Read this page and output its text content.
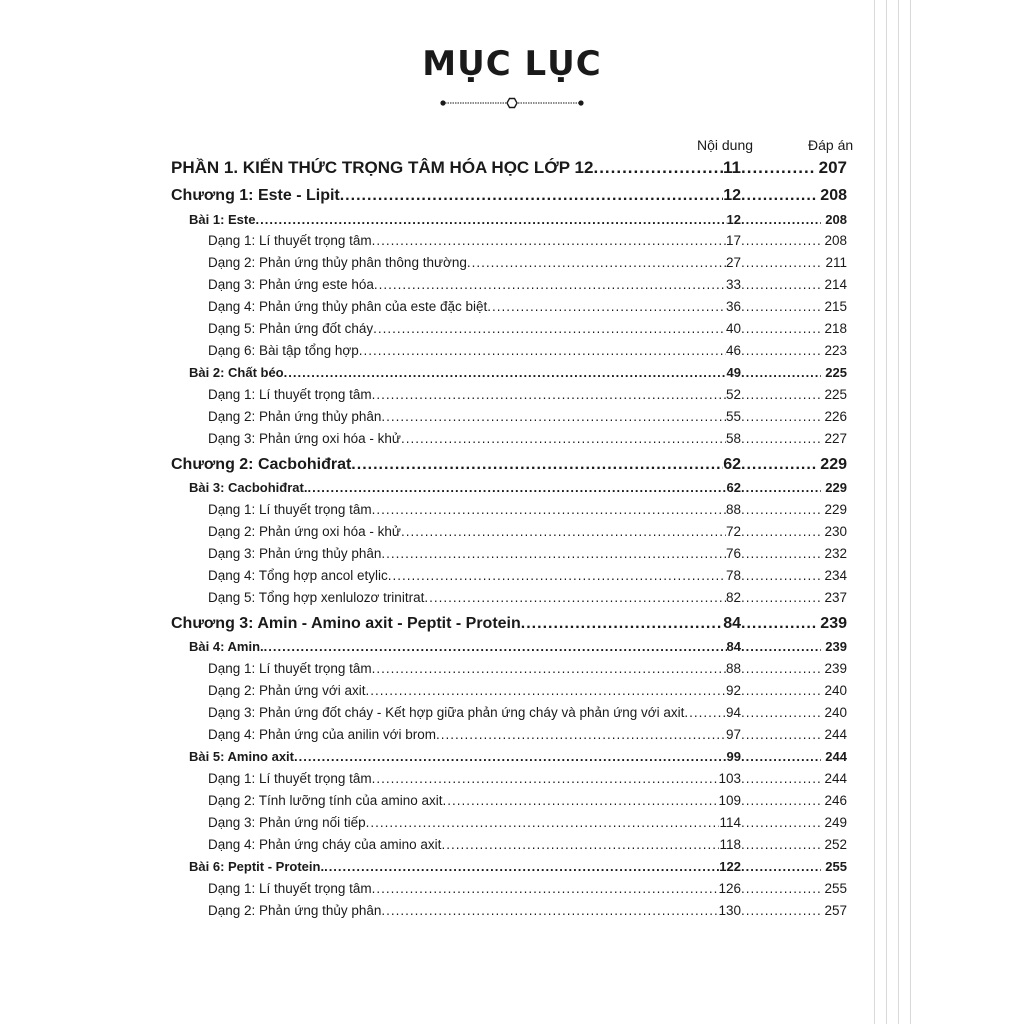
MỤC LỤC
Nội dung	Đáp án
PHẦN 1. KIẾN THỨC TRỌNG TÂM HÓA HỌC LỚP 12 .....	11 .....	207
Chương 1: Este - Lipit .....	12 .....	208
Bài 1: Este .....	12 .....	208
Dạng 1: Lí thuyết trọng tâm .....	17 .....	208
Dạng 2: Phản ứng thủy phân thông thường .....	27 .....	211
Dạng 3: Phản ứng este hóa .....	33 .....	214
Dạng 4: Phản ứng thủy phân của este đặc biệt .....	36 .....	215
Dạng 5: Phản ứng đốt cháy .....	40 .....	218
Dạng 6: Bài tập tổng hợp .....	46 .....	223
Bài 2: Chất béo .....	49 .....	225
Dạng 1: Lí thuyết trọng tâm .....	52 .....	225
Dạng 2: Phản ứng thủy phân .....	55 .....	226
Dạng 3: Phản ứng oxi hóa - khử .....	58 .....	227
Chương 2: Cacbohiđrat .....	62 .....	229
Bài 3: Cacbohiđrat. .....	62 .....	229
Dạng 1: Lí thuyết trọng tâm .....	88 .....	229
Dạng 2: Phản ứng oxi hóa - khử .....	72 .....	230
Dạng 3: Phản ứng thủy phân .....	76 .....	232
Dạng 4: Tổng hợp ancol etylic .....	78 .....	234
Dạng 5: Tổng hợp xenlulozơ trinitrat .....	82 .....	237
Chương 3: Amin - Amino axit - Peptit - Protein .....	84 .....	239
Bài 4: Amin. .....	84 .....	239
Dạng 1: Lí thuyết trọng tâm .....	88 .....	239
Dạng 2: Phản ứng với axit .....	92 .....	240
Dạng 3: Phản ứng đốt cháy - Kết hợp giữa phản ứng cháy và phản ứng với axit .....	94 .....	240
Dạng 4: Phản ứng của anilin với brom .....	97 .....	244
Bài 5: Amino axit .....	99 .....	244
Dạng 1: Lí thuyết trọng tâm .....	103 .....	244
Dạng 2: Tính lưỡng tính của amino axit .....	109 .....	246
Dạng 3: Phản ứng nối tiếp .....	114 .....	249
Dạng 4: Phản ứng cháy của amino axit .....	118 .....	252
Bài 6: Peptit - Protein. .....	122 .....	255
Dạng 1: Lí thuyết trọng tâm .....	126 .....	255
Dạng 2: Phản ứng thủy phân .....	130 .....	257
